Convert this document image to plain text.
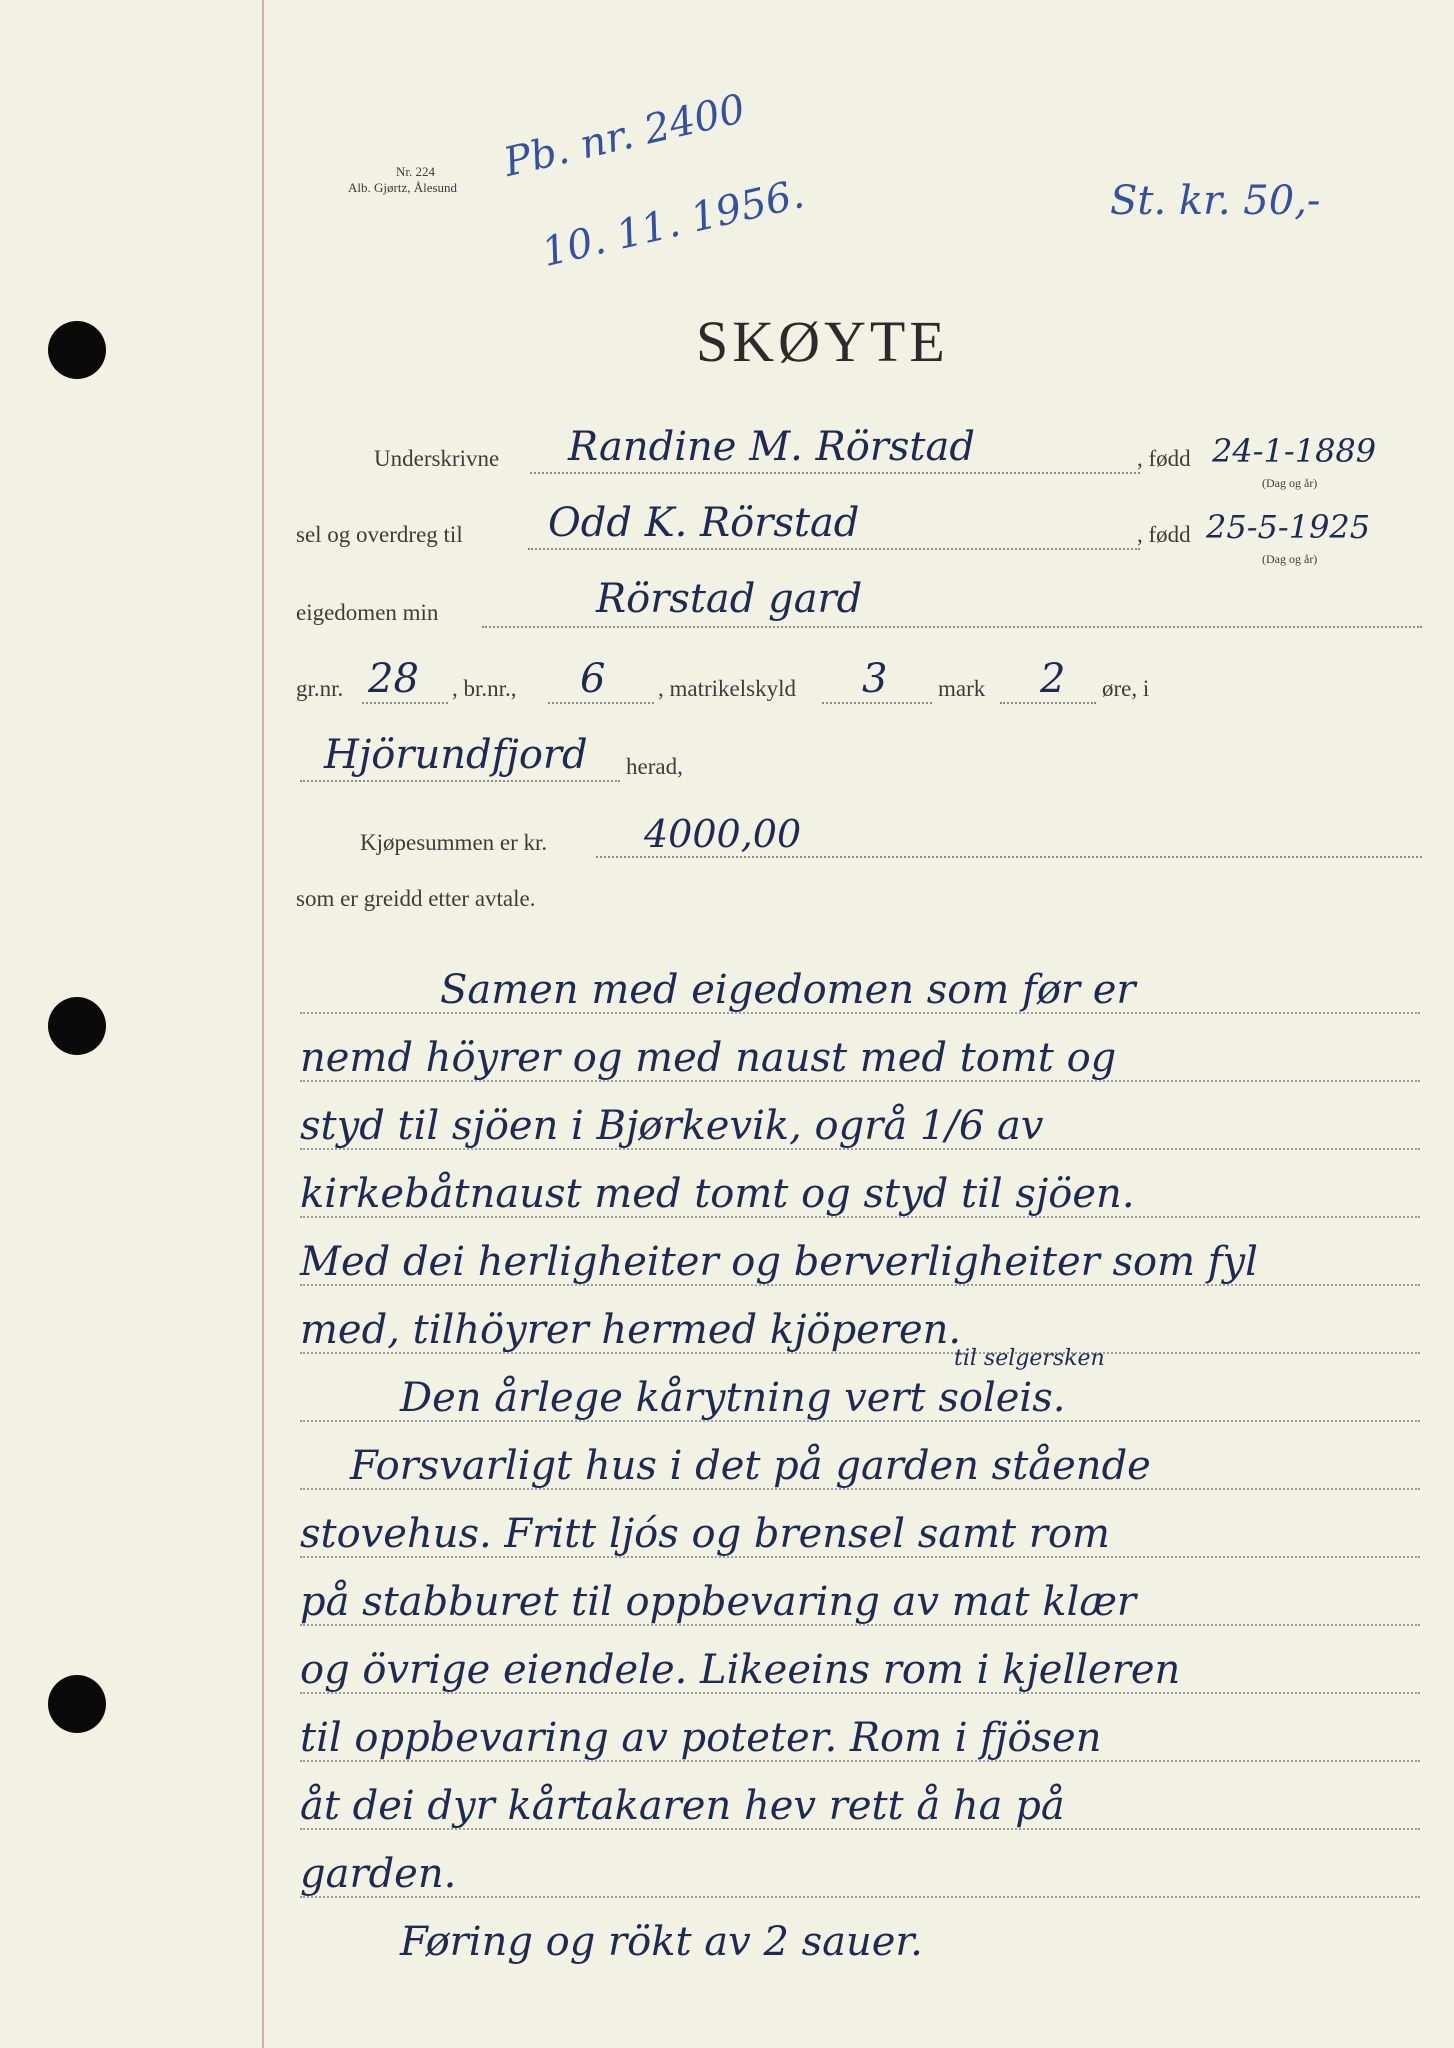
Nr. 224
Alb. Gjørtz, Ålesund
Pb. nr. 2400
10. 11. 1956.	St. kr. 50,-
SKØYTE
Underskrivne Randine M. Rörstad	, fødd 24-1-1889
(Dag og år)
sel og overdreg til Odd K. Rörstad	, fødd 25-5-1925
(Dag og år)
eigedomen min	Rörstad gard
gr.nr. 28 , br.nr., 6 , matrikelskyld 3 mark 2 øre, i
Hjörundfjord herad,
Kjøpesummen er kr.	4000,00
som er greidd etter avtale.
Samen med eigedomen som før er
nemd höyrer og med naust med tomt og
styd til sjöen i Bjørkevik, ogrå 1/6 av
kirkebåtnaust med tomt og styd til sjöen.
Med dei herligheiter og berverligheiter som fyl
med, tilhöyrer hermed kjöperen.
til selgersken
Den årlege kårytning vert soleis.
Forsvarligt hus i det på garden stående
stovehus. Fritt ljós og brensel samt rom
på stabburet til oppbevaring av mat klær
og övrige eiendele. Likeeins rom i kjelleren
til oppbevaring av poteter. Rom i fjösen
åt dei dyr kårtakaren hev rett å ha på
garden.
Føring og rökt av 2 sauer.
